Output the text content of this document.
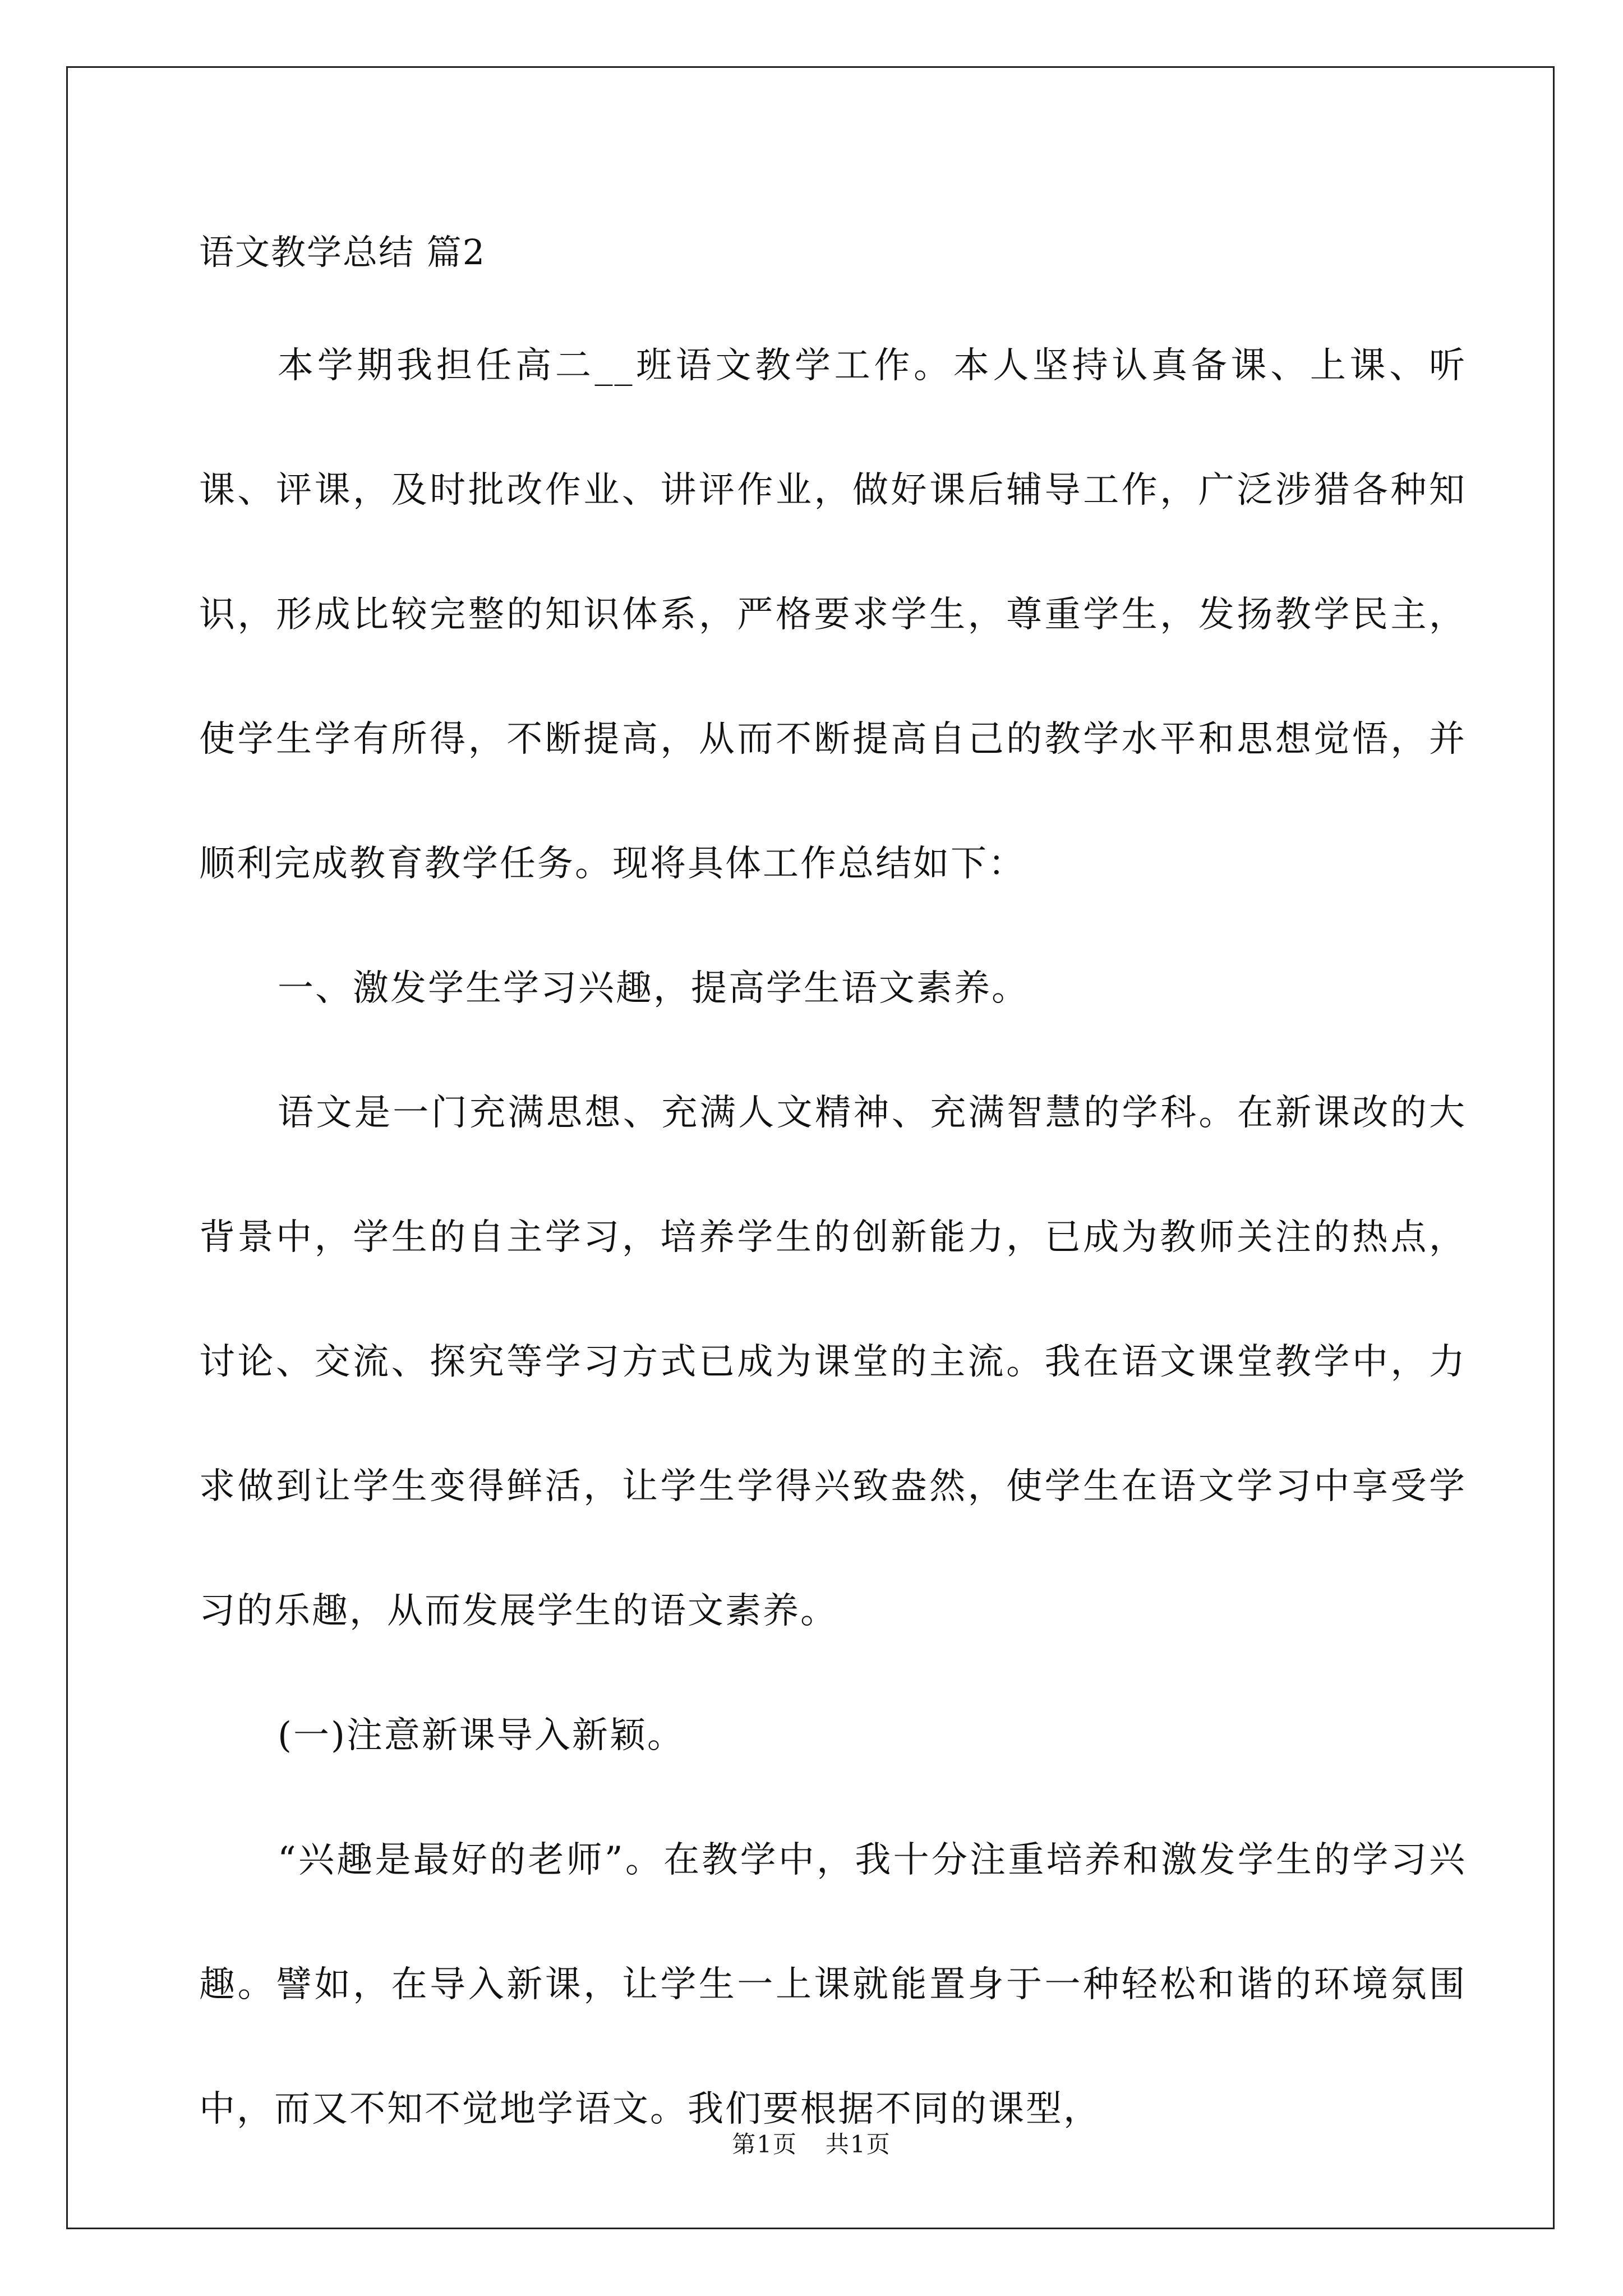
语文教学总结 篇2

本学期我担任高二__班语文教学工作。本人坚持认真备课、上课、听课、评课，及时批改作业、讲评作业，做好课后辅导工作，广泛涉猎各种知识，形成比较完整的知识体系，严格要求学生，尊重学生，发扬教学民主，使学生学有所得，不断提高，从而不断提高自己的教学水平和思想觉悟，并顺利完成教育教学任务。现将具体工作总结如下：

一、激发学生学习兴趣，提高学生语文素养。

语文是一门充满思想、充满人文精神、充满智慧的学科。在新课改的大背景中，学生的自主学习，培养学生的创新能力，已成为教师关注的热点，讨论、交流、探究等学习方式已成为课堂的主流。我在语文课堂教学中，力求做到让学生变得鲜活，让学生学得兴致盎然，使学生在语文学习中享受学习的乐趣，从而发展学生的语文素养。

(一)注意新课导入新颖。

“兴趣是最好的老师”。在教学中，我十分注重培养和激发学生的学习兴趣。譬如，在导入新课，让学生一上课就能置身于一种轻松和谐的环境氛围中，而又不知不觉地学语文。我们要根据不同的课型，

第1页 共1页
